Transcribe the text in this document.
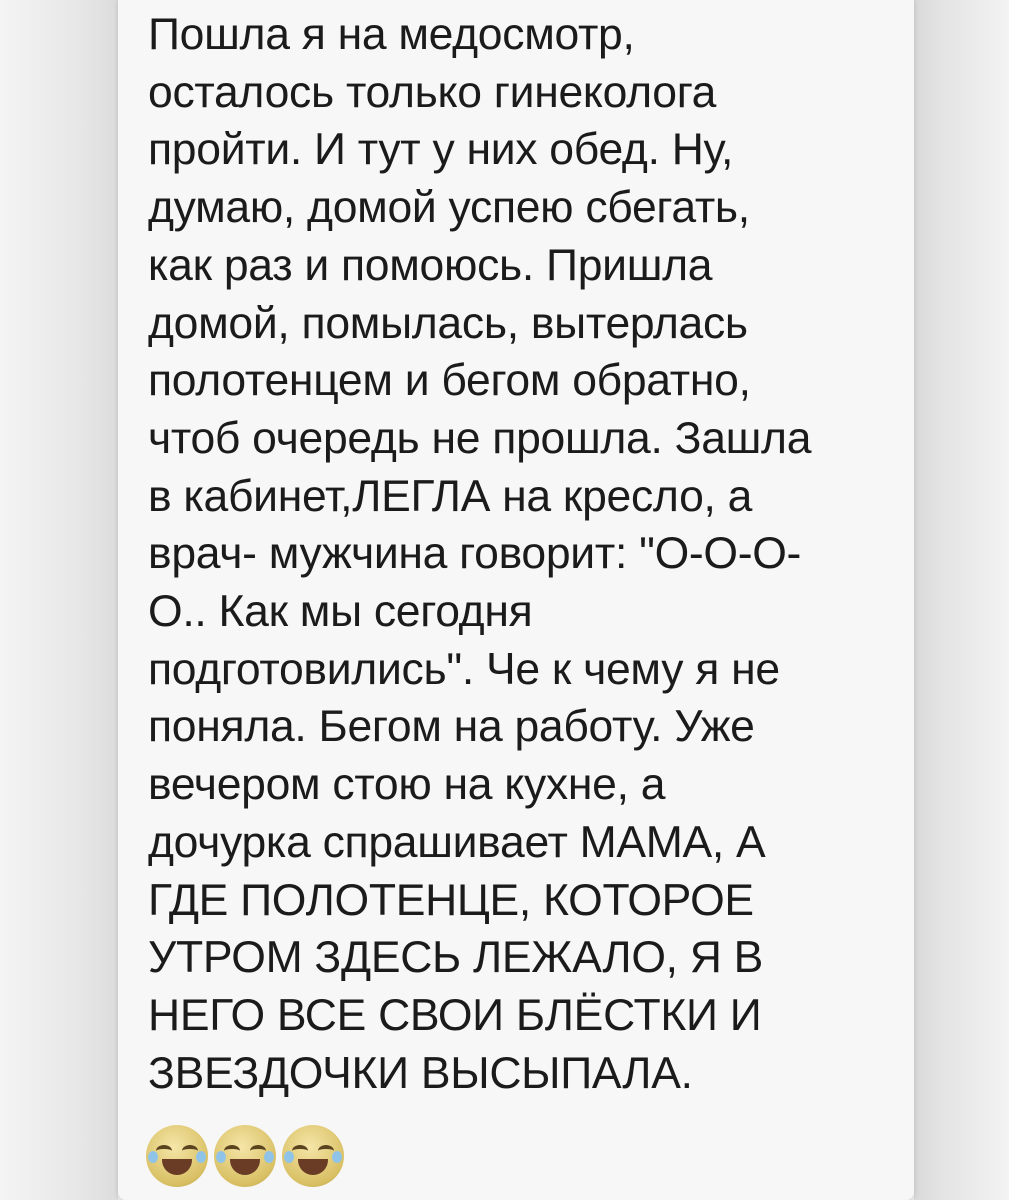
Пошла я на медосмотр,
осталось только гинеколога
пройти. И тут у них обед. Ну,
думаю, домой успею сбегать,
как раз и помоюсь. Пришла
домой, помылась, вытерлась
полотенцем и бегом обратно,
чтоб очередь не прошла. Зашла
в кабинет,ЛЕГЛА на кресло, а
врач- мужчина говорит: "О-О-О-
О.. Как мы сегодня
подготовились". Че к чему я не
поняла. Бегом на работу. Уже
вечером стою на кухне, а
дочурка спрашивает МАМА, А
ГДЕ ПОЛОТЕНЦЕ, КОТОРОЕ
УТРОМ ЗДЕСЬ ЛЕЖАЛО, Я В
НЕГО ВСЕ СВОИ БЛЁСТКИ И
ЗВЕЗДОЧКИ ВЫСЫПАЛА.
